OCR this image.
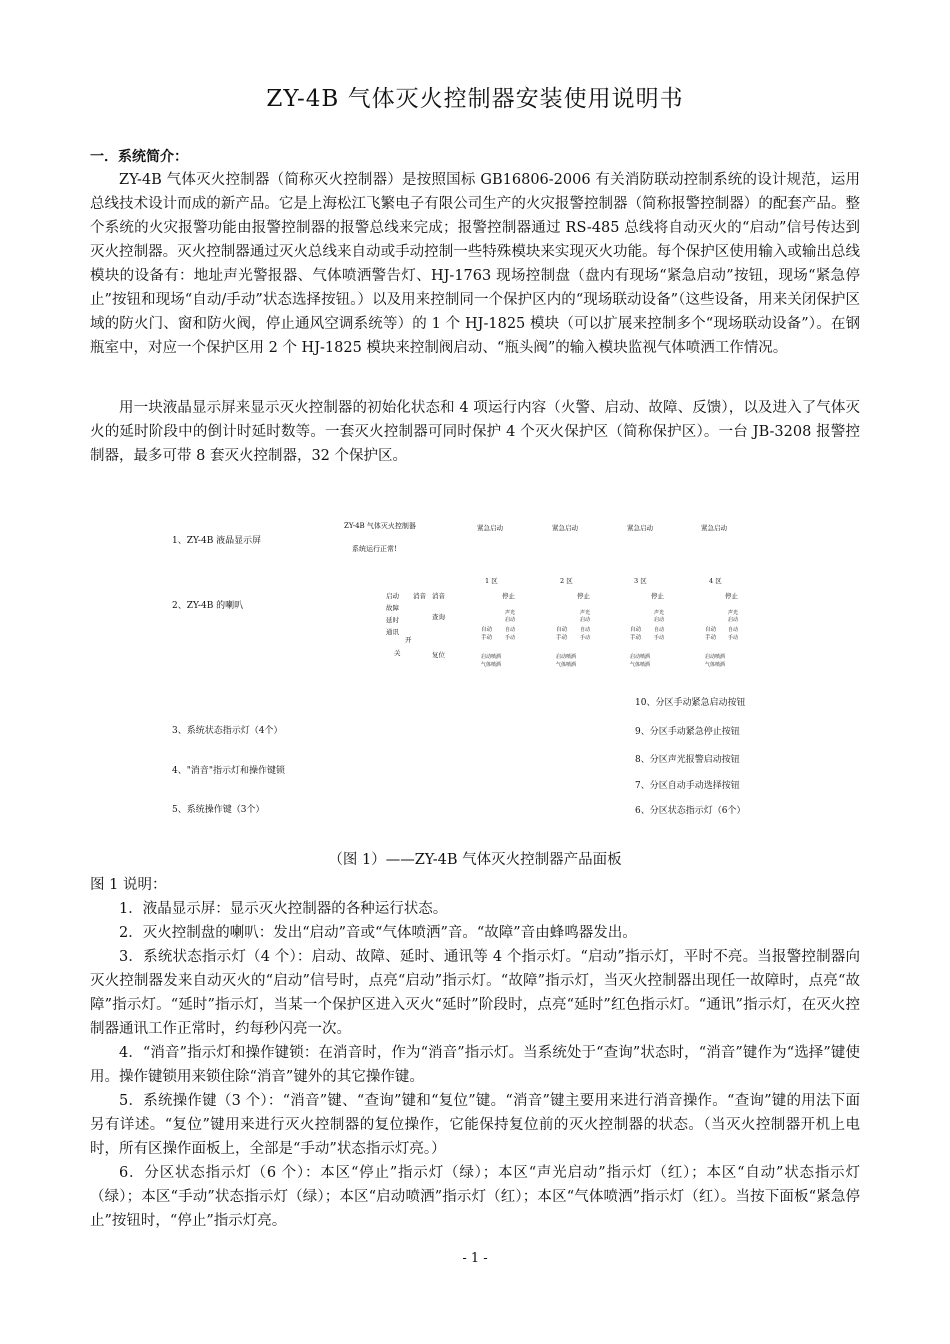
ZY-4B 气体灭火控制器安装使用说明书
一．系统简介：

ZY-4B 气体灭火控制器（简称灭火控制器）是按照国标 GB16806-2006 有关消防联动控制系统的设计规范，运用总线技术设计而成的新产品。它是上海松江飞繁电子有限公司生产的火灾报警控制器（简称报警控制器）的配套产品。整个系统的火灾报警功能由报警控制器的报警总线来完成；报警控制器通过 RS-485 总线将自动灭火的“启动”信号传达到灭火控制器。灭火控制器通过灭火总线来自动或手动控制一些特殊模块来实现灭火功能。每个保护区使用输入或输出总线模块的设备有：地址声光警报器、气体喷洒警告灯、HJ-1763 现场控制盘（盘内有现场“紧急启动”按钮，现场“紧急停止”按钮和现场“自动/手动”状态选择按钮。）以及用来控制同一个保护区内的“现场联动设备”（这些设备，用来关闭保护区域的防火门、窗和防火阀，停止通风空调系统等）的 1 个 HJ-1825 模块（可以扩展来控制多个“现场联动设备”）。在钢瓶室中，对应一个保护区用 2 个 HJ-1825 模块来控制阀启动、“瓶头阀”的输入模块监视气体喷洒工作情况。

用一块液晶显示屏来显示灭火控制器的初始化状态和 4 项运行内容（火警、启动、故障、反馈），以及进入了气体灭火的延时阶段中的倒计时延时数等。一套灭火控制器可同时保护 4 个灭火保护区（简称保护区）。一台 JB-3208 报警控制器，最多可带 8 套灭火控制器，32 个保护区。

1、ZY-4B 液晶显示屏
2、ZY-4B 的喇叭
3、系统状态指示灯（4个）
4、"消音"指示灯和操作键锁
5、系统操作键（3个）
10、分区手动紧急启动按钮
9、分区手动紧急停止按钮
8、分区声光报警启动按钮
7、分区自动手动选择按钮
6、分区状态指示灯（6个）
ZY-4B 气体灭火控制器
系统运行正常!
启动
故障
延时
通讯
消音 消音
查询
开
关	复位
紧急启动
1 区
停止
声光
启动
自动
手动
自动
手动
启动喷洒
气体喷洒
紧急启动
2 区
停止
声光
启动
自动
手动
自动
手动
启动喷洒
气体喷洒
紧急启动
3 区
停止
声光
启动
自动
手动
自动
手动
启动喷洒
气体喷洒
紧急启动
4 区
停止
声光
启动
自动
手动
自动
手动
启动喷洒
气体喷洒
（图 1）——ZY-4B 气体灭火控制器产品面板
图 1 说明：

1．液晶显示屏：显示灭火控制器的各种运行状态。

2．灭火控制盘的喇叭：发出“启动”音或“气体喷洒”音。“故障”音由蜂鸣器发出。

3．系统状态指示灯（4 个）：启动、故障、延时、通讯等 4 个指示灯。“启动”指示灯，平时不亮。当报警控制器向灭火控制器发来自动灭火的“启动”信号时，点亮“启动”指示灯。“故障”指示灯，当灭火控制器出现任一故障时，点亮“故障”指示灯。“延时”指示灯，当某一个保护区进入灭火“延时”阶段时，点亮“延时”红色指示灯。“通讯”指示灯，在灭火控制器通讯工作正常时，约每秒闪亮一次。

4．“消音”指示灯和操作键锁：在消音时，作为“消音”指示灯。当系统处于“查询”状态时，“消音”键作为“选择”键使用。操作键锁用来锁住除“消音”键外的其它操作键。

5．系统操作键（3 个）：“消音”键、“查询”键和“复位”键。“消音”键主要用来进行消音操作。“查询”键的用法下面另有详述。“复位”键用来进行灭火控制器的复位操作，它能保持复位前的灭火控制器的状态。（当灭火控制器开机上电时，所有区操作面板上，全部是“手动”状态指示灯亮。）

6．分区状态指示灯（6 个）：本区“停止”指示灯（绿）；本区“声光启动”指示灯（红）；本区“自动”状态指示灯（绿）；本区“手动”状态指示灯（绿）；本区“启动喷洒”指示灯（红）；本区“气体喷洒”指示灯（红）。当按下面板“紧急停止”按钮时，“停止”指示灯亮。

- 1 -
